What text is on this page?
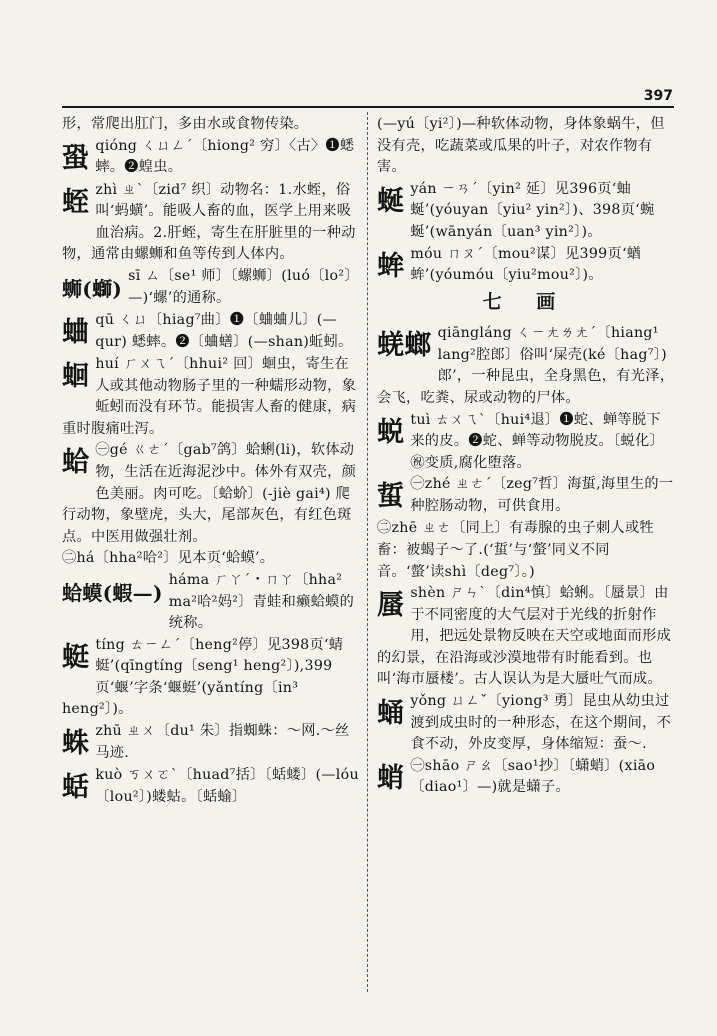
397
形，常爬出肛门，多由水或食物传染。
蛩 qióng ㄑㄩㄥˊ〔hiong² 穷〕〈古〉❶蟋蟀。❷蝗虫。
蛭 zhì ㄓˋ〔zid⁷ 织〕动物名：1.水蛭，俗叫‘蚂蟥’。能吸人畜的血，医学上用来吸血治病。2.肝蛭，寄生在肝脏里的一种动物，通常由螺蛳和鱼等传到人体内。
蛳(螄)
sī ㄙ〔se¹ 师〕〔螺蛳〕(luó〔lo²〕—)‘螺’的通称。
蛐 qū ㄑㄩ〔hiag⁷曲〕❶〔蛐蛐儿〕(—qur) 蟋蟀。❷〔蛐蟮〕(—shan)蚯蚓。
蛔 huí ㄏㄨㄟˊ〔hhui² 回〕蛔虫，寄生在人或其他动物肠子里的一种蠕形动物，象蚯蚓而没有环节。能损害人畜的健康，病重时腹痛吐泻。
蛤 ㊀gé ㄍㄜˊ〔gab⁷鸽〕蛤蜊(li)，软体动物，生活在近海泥沙中。体外有双壳，颜色美丽。肉可吃。〔蛤蚧〕(-jiè gai⁴) 爬行动物，象壁虎，头大，尾部灰色，有红色斑点。中医用做强壮剂。
㊁há〔hha²哈²〕见本页‘蛤蟆’。
蛤蟆(蝦—)
háma ㄏㄚˊ・ㄇㄚ〔hha² ma²哈²妈²〕青蛙和癞蛤蟆的统称。
蜓 tíng ㄊㄧㄥˊ〔heng²停〕见398页‘蜻蜓’(qīngtíng〔seng¹ heng²〕),399页‘蝘’字条‘蝘蜓’(yǎntíng〔in³ heng²〕)。
蛛 zhū ㄓㄨ〔du¹ 朱〕指蜘蛛：～网.～丝马迹.
蛞 kuò ㄎㄨㄛˋ〔huad⁷括〕〔蛞蝼〕(—lóu〔lou²〕)蝼蛄。〔蛞蝓〕
(—yú〔yi²〕)—种软体动物，身体象蜗牛，但没有壳，吃蔬菜或瓜果的叶子，对农作物有害。
蜒 yán ㄧㄢˊ〔yin² 延〕见396页‘蚰蜒’(yóuyan〔yiu² yin²〕)、398页‘蜿蜒’(wānyán〔uan³ yin²〕)。
蛑 móu ㄇㄡˊ〔mou²谋〕见399页‘蝤蛑’(yóumóu〔yiu²mou²〕)。
七 画
蜣螂 qiāngláng ㄑㄧㄤㄌㄤˊ〔hiang¹ lang²腔郎〕俗叫‘屎壳(ké〔hag⁷〕)郎’，一种昆虫，全身黑色，有光泽，会飞，吃粪、尿或动物的尸体。
蜕 tuì ㄊㄨㄟˋ〔hui⁴退〕❶蛇、蝉等脱下来的皮。❷蛇、蝉等动物脱皮。〔蜕化〕㊗变质,腐化堕落。
蜇 ㊀zhé ㄓㄜˊ〔zeg⁷哲〕海蜇,海里生的一种腔肠动物，可供食用。
㊁zhē ㄓㄜ〔同上〕有毒腺的虫子刺人或牲畜：被蝎子～了.(‘蜇’与‘螫’同义不同音。‘螫’读shì〔deg⁷〕。)
蜃 shèn ㄕㄣˋ〔din⁴慎〕蛤蜊。〔蜃景〕由于不同密度的大气层对于光线的折射作用，把远处景物反映在天空或地面而形成的幻景，在沿海或沙漠地带有时能看到。也叫‘海市蜃楼’。古人误认为是大蜃吐气而成。
蛹 yǒng ㄩㄥˇ〔yiong³ 勇〕昆虫从幼虫过渡到成虫时的一种形态，在这个期间，不食不动，外皮变厚，身体缩短：蚕～.
蛸 ㊀shāo ㄕㄠ〔sao¹抄〕〔蟏蛸〕(xiāo〔diao¹〕—)就是蟏子。
